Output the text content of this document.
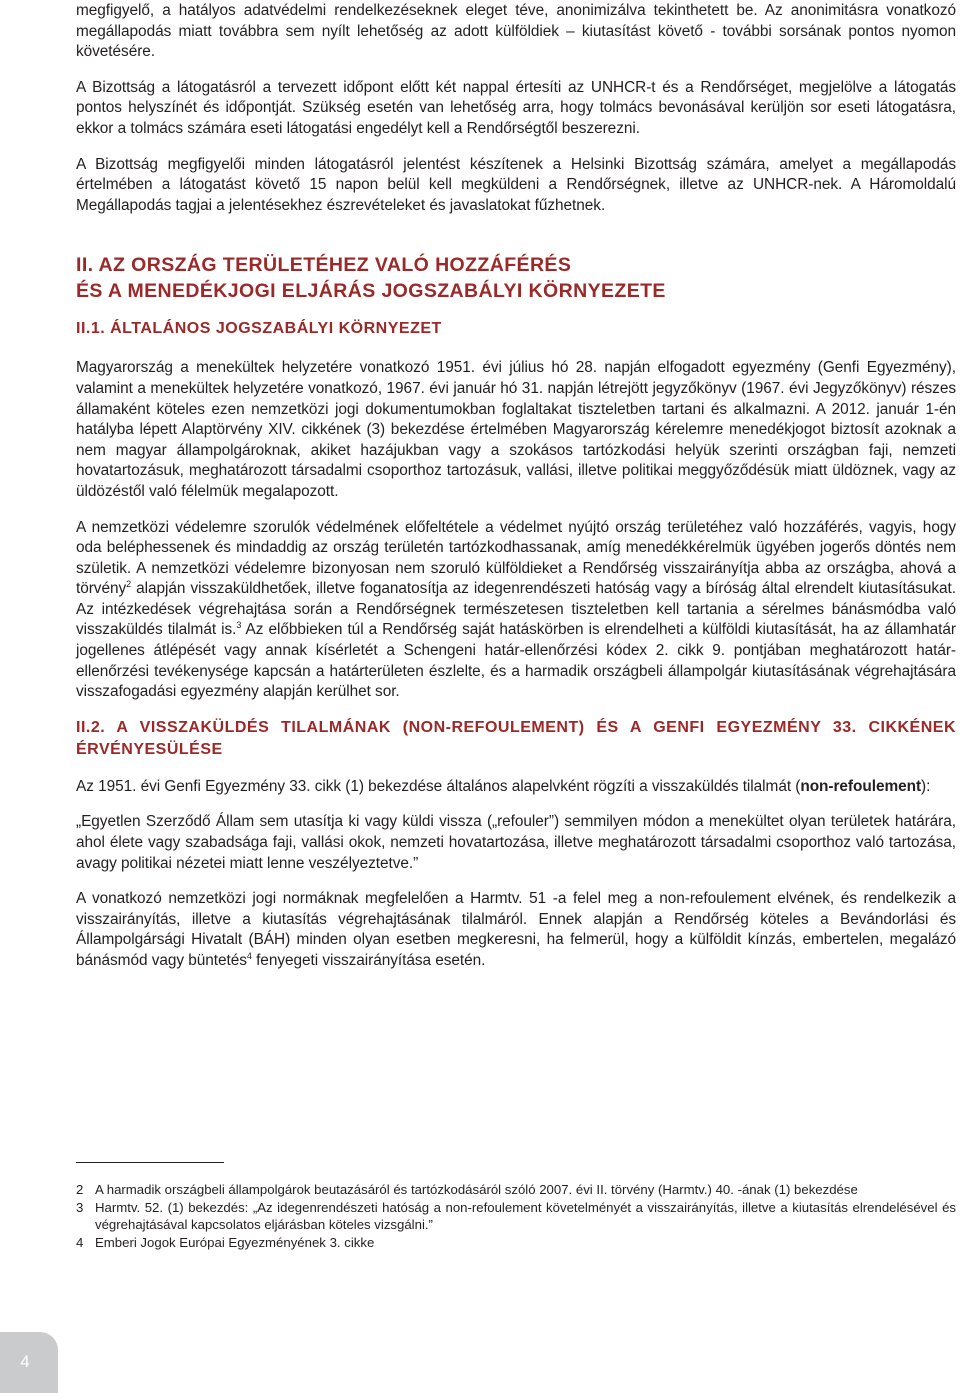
megfigyelő, a hatályos adatvédelmi rendelkezéseknek eleget téve, anonimizálva tekinthetett be. Az anonimitásra vonatkozó megállapodás miatt továbbra sem nyílt lehetőség az adott külföldiek – kiutasítást követő - további sorsának pontos nyomon követésére.

A Bizottság a látogatásról a tervezett időpont előtt két nappal értesíti az UNHCR-t és a Rendőrséget, megjelölve a látogatás pontos helyszínét és időpontját. Szükség esetén van lehetőség arra, hogy tolmács bevonásával kerüljön sor eseti látogatásra, ekkor a tolmács számára eseti látogatási engedélyt kell a Rendőrségtől beszerezni.

A Bizottság megfigyelői minden látogatásról jelentést készítenek a Helsinki Bizottság számára, amelyet a megállapodás értelmében a látogatást követő 15 napon belül kell megküldeni a Rendőrségnek, illetve az UNHCR-nek. A Háromoldalú Megállapodás tagjai a jelentésekhez észrevételeket és javaslatokat fűzhetnek.

II. AZ ORSZÁG TERÜLETÉHEZ VALÓ HOZZÁFÉRÉS
ÉS A MENEDÉKJOGI ELJÁRÁS JOGSZABÁLYI KÖRNYEZETE
II.1. ÁLTALÁNOS JOGSZABÁLYI KÖRNYEZET

Magyarország a menekültek helyzetére vonatkozó 1951. évi július hó 28. napján elfogadott egyezmény (Genfi Egyezmény), valamint a menekültek helyzetére vonatkozó, 1967. évi január hó 31. napján létrejött jegyzőkönyv (1967. évi Jegyzőkönyv) részes államaként köteles ezen nemzetközi jogi dokumentumokban foglaltakat tiszteletben tartani és alkalmazni. A 2012. január 1-én hatályba lépett Alaptörvény XIV. cikkének (3) bekezdése értelmében Magyarország kérelemre menedékjogot biztosít azoknak a nem magyar állampolgároknak, akiket hazájukban vagy a szokásos tartózkodási helyük szerinti országban faji, nemzeti hovatartozásuk, meghatározott társadalmi csoporthoz tartozásuk, vallási, illetve politikai meggyőződésük miatt üldöznek, vagy az üldözéstől való félelmük megalapozott.

A nemzetközi védelemre szorulók védelmének előfeltétele a védelmet nyújtó ország területéhez való hozzáférés, vagyis, hogy oda beléphessenek és mindaddig az ország területén tartózkodhassanak, amíg menedékkérelmük ügyében jogerős döntés nem születik. A nemzetközi védelemre bizonyosan nem szoruló külföldieket a Rendőrség visszairányítja abba az országba, ahová a törvény$^2$ alapján visszaküldhetőek, illetve foganatosítja az idegenrendészeti hatóság vagy a bíróság által elrendelt kiutasításukat. Az intézkedések végrehajtása során a Rendőrségnek természetesen tiszteletben kell tartania a sérelmes bánásmódba való visszaküldés tilalmát is.$^3$ Az előbbieken túl a Rendőrség saját hatáskörben is elrendelheti a külföldi kiutasítását, ha az államhatár jogellenes átlépését vagy annak kísérletét a Schengeni határ-ellenőrzési kódex 2. cikk 9. pontjában meghatározott határ-ellenőrzési tevékenysége kapcsán a határterületen észlelte, és a harmadik országbeli állampolgár kiutasításának végrehajtására visszafogadási egyezmény alapján kerülhet sor.

II.2. A VISSZAKÜLDÉS TILALMÁNAK (NON-REFOULEMENT) ÉS A GENFI EGYEZMÉNY 33. CIKKÉNEK ÉRVÉNYESÜLÉSE

Az 1951. évi Genfi Egyezmény 33. cikk (1) bekezdése általános alapelvként rögzíti a visszaküldés tilalmát (non-refoulement):

„Egyetlen Szerződő Állam sem utasítja ki vagy küldi vissza („refouler”) semmilyen módon a menekültet olyan területek határára, ahol élete vagy szabadsága faji, vallási okok, nemzeti hovatartozása, illetve meghatározott társadalmi csoporthoz való tartozása, avagy politikai nézetei miatt lenne veszélyeztetve.”

A vonatkozó nemzetközi jogi normáknak megfelelően a Harmtv. 51 -a felel meg a non-refoulement elvének, és rendelkezik a visszairányítás, illetve a kiutasítás végrehajtásának tilalmáról. Ennek alapján a Rendőrség köteles a Bevándorlási és Állampolgársági Hivatalt (BÁH) minden olyan esetben megkeresni, ha felmerül, hogy a külföldit kínzás, embertelen, megalázó bánásmód vagy büntetés$^4$ fenyegeti visszairányítása esetén.

2 A harmadik országbeli állampolgárok beutazásáról és tartózkodásáról szóló 2007. évi II. törvény (Harmtv.) 40. -ának (1) bekezdése
3 Harmtv. 52. (1) bekezdés: „Az idegenrendészeti hatóság a non-refoulement követelményét a visszairányítás, illetve a kiutasítás elrendelésével és végrehajtásával kapcsolatos eljárásban köteles vizsgálni.”
4 Emberi Jogok Európai Egyezményének 3. cikke
4
